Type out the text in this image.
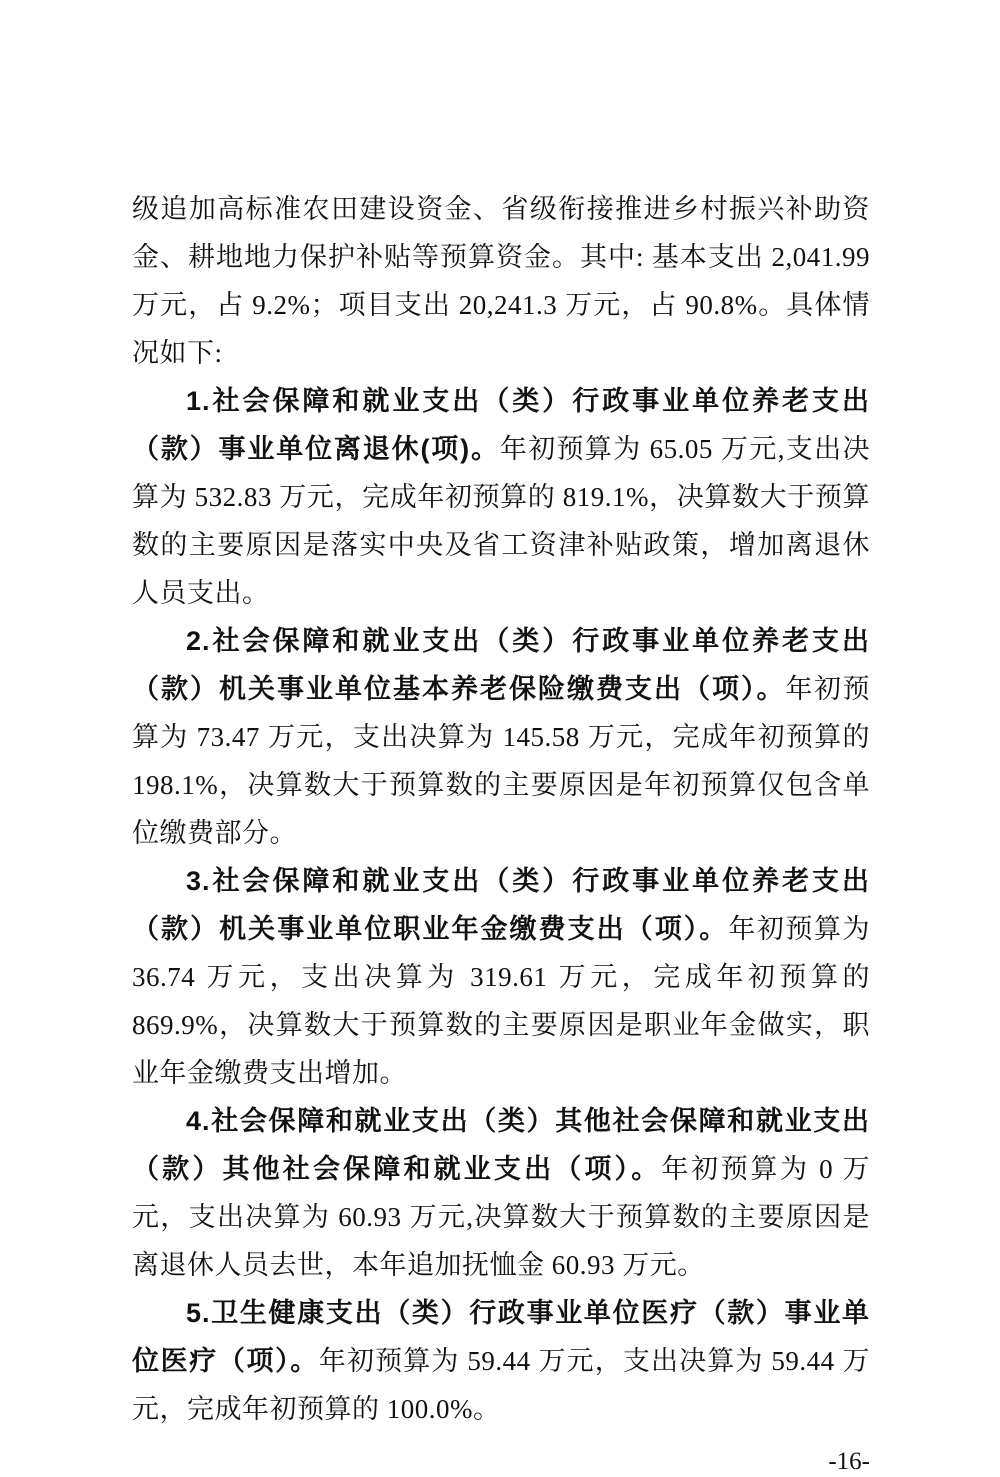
级追加高标准农田建设资金、省级衔接推进乡村振兴补助资金、耕地地力保护补贴等预算资金。其中: 基本支出 2,041.99 万元，占 9.2%；项目支出 20,241.3 万元，占 90.8%。具体情况如下:

1.社会保障和就业支出（类）行政事业单位养老支出（款）事业单位离退休(项)。年初预算为 65.05 万元,支出决算为 532.83 万元，完成年初预算的 819.1%，决算数大于预算数的主要原因是落实中央及省工资津补贴政策，增加离退休人员支出。

2.社会保障和就业支出（类）行政事业单位养老支出（款）机关事业单位基本养老保险缴费支出（项）。年初预算为 73.47 万元，支出决算为 145.58 万元，完成年初预算的 198.1%，决算数大于预算数的主要原因是年初预算仅包含单位缴费部分。

3.社会保障和就业支出（类）行政事业单位养老支出（款）机关事业单位职业年金缴费支出（项）。年初预算为 36.74 万元，支出决算为 319.61 万元，完成年初预算的 869.9%，决算数大于预算数的主要原因是职业年金做实，职业年金缴费支出增加。

4.社会保障和就业支出（类）其他社会保障和就业支出（款）其他社会保障和就业支出（项）。年初预算为 0 万元，支出决算为 60.93 万元,决算数大于预算数的主要原因是离退休人员去世，本年追加抚恤金 60.93 万元。

5.卫生健康支出（类）行政事业单位医疗（款）事业单位医疗（项）。年初预算为 59.44 万元，支出决算为 59.44 万元，完成年初预算的 100.0%。

-16-
